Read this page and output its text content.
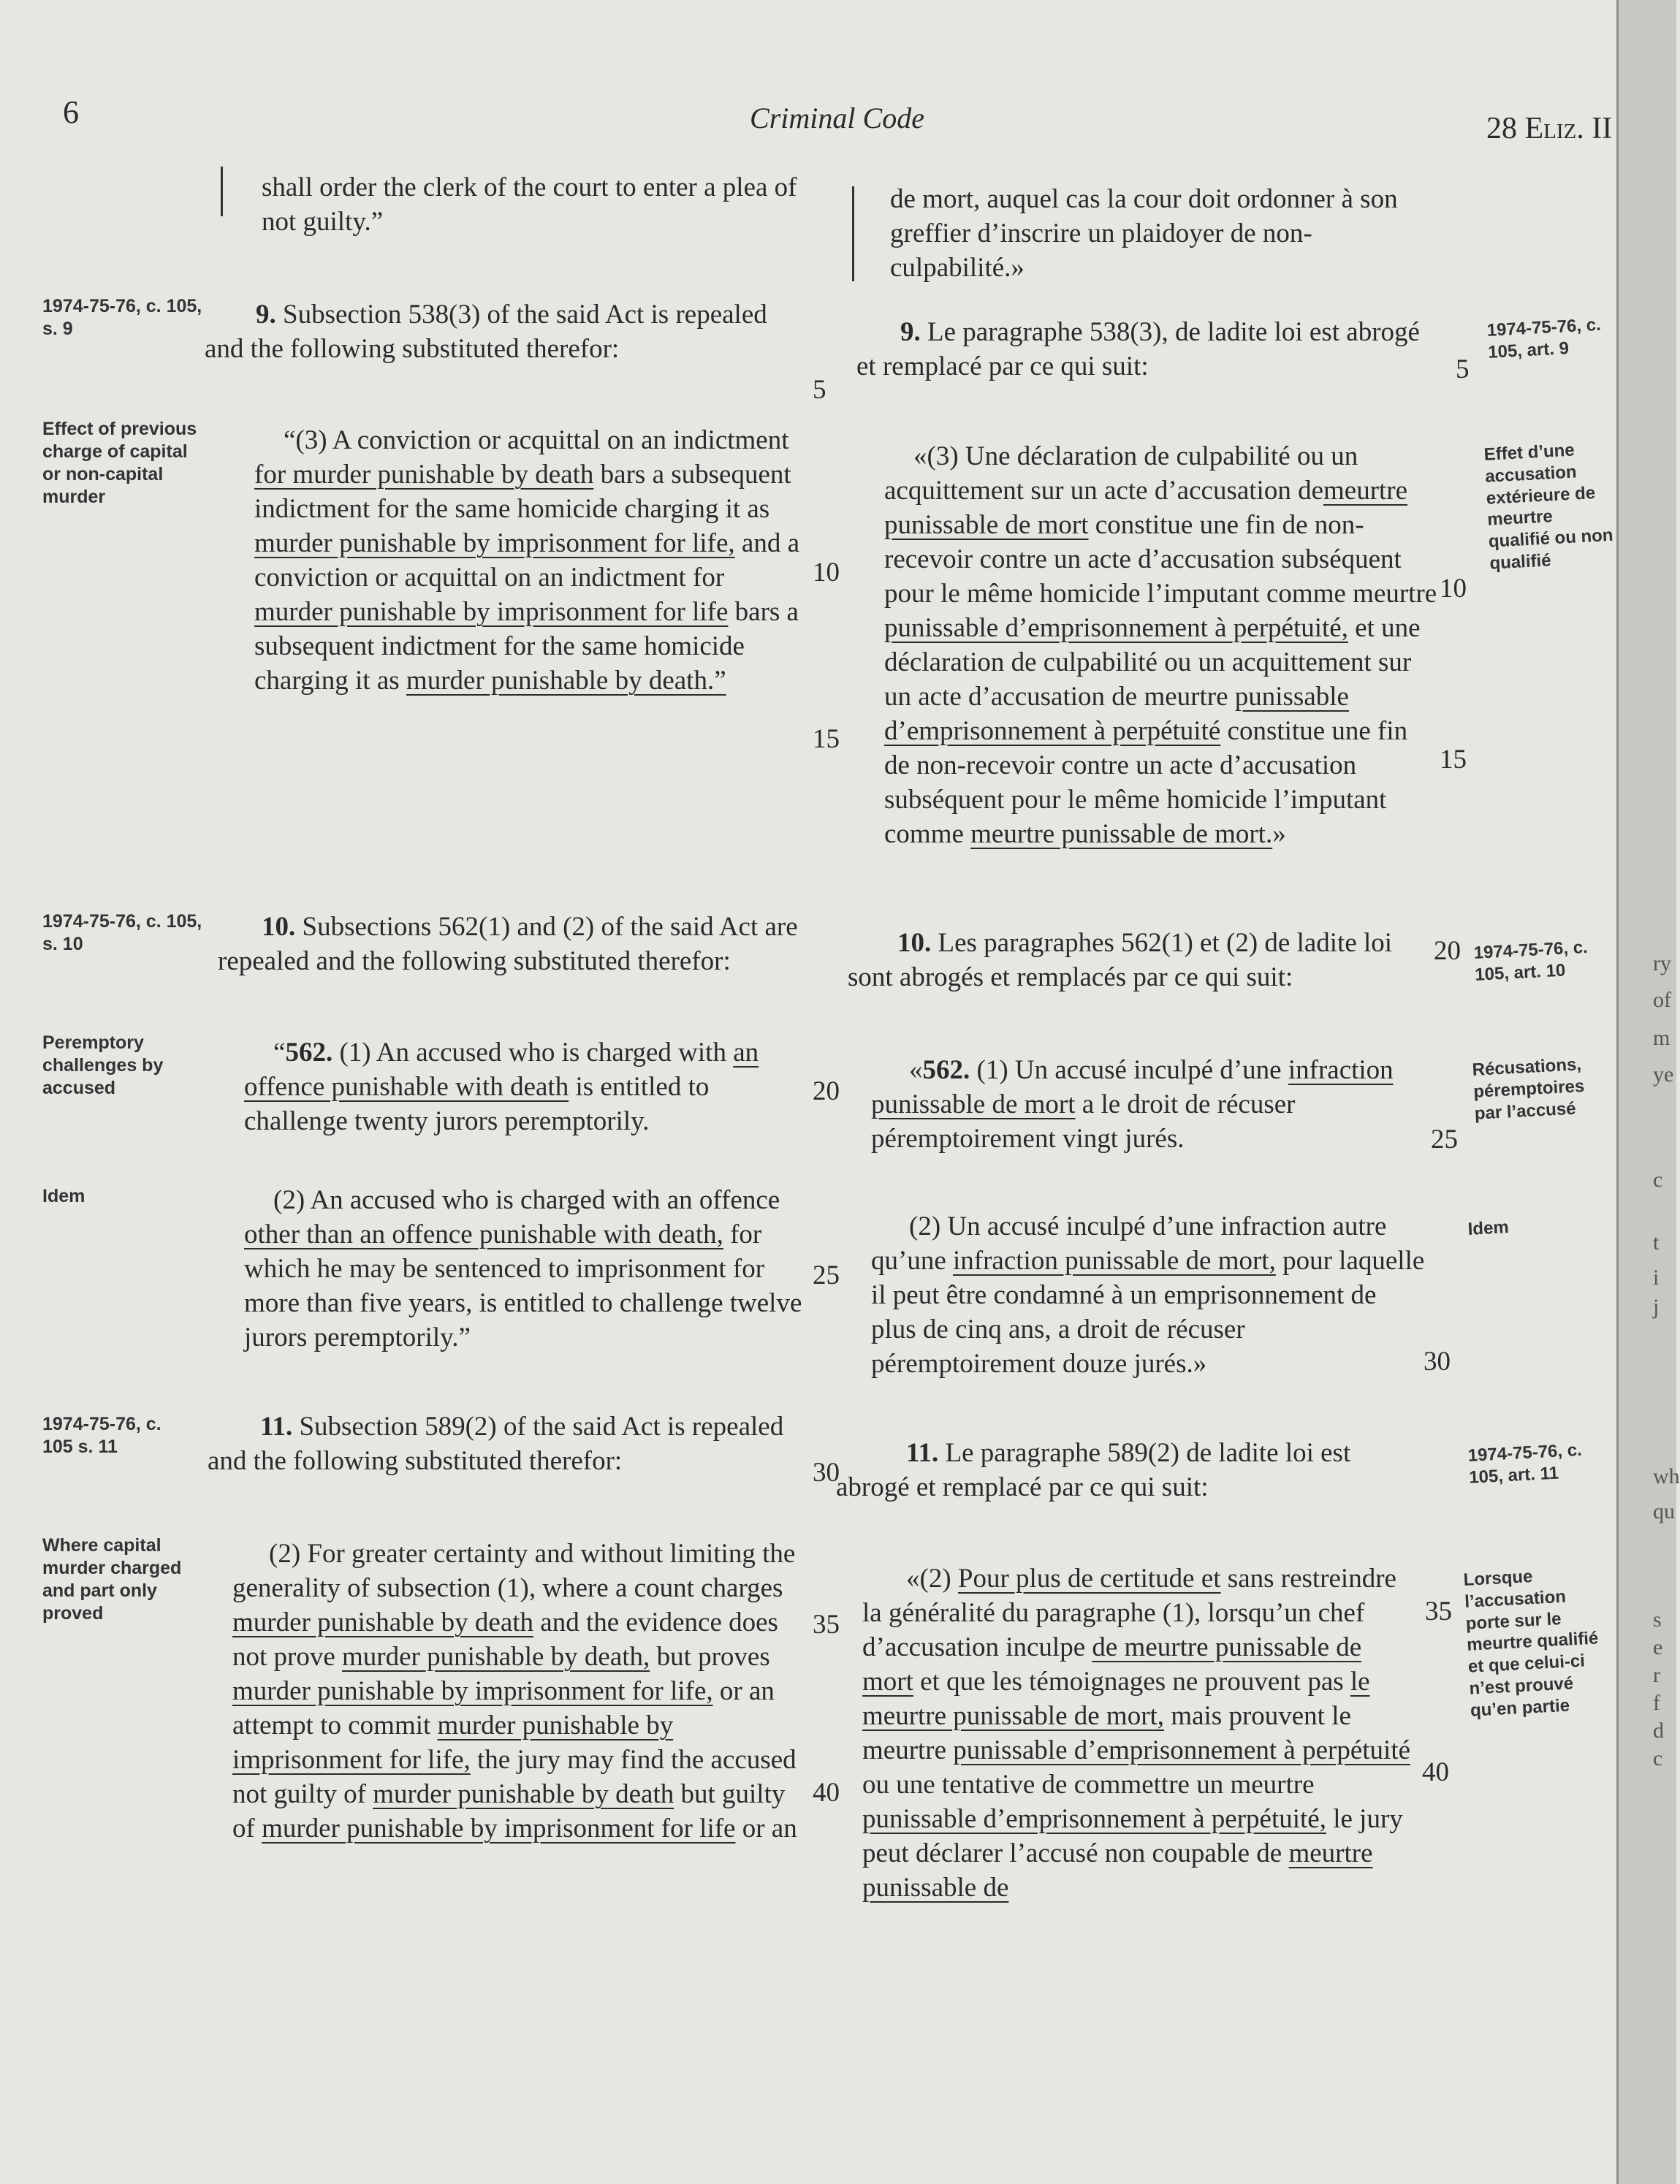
6	Criminal Code	28 Eliz. II

shall order the clerk of the court to enter a plea of not guilty.”

9. Subsection 538(3) of the said Act is repealed and the following substituted therefor:

“(3) A conviction or acquittal on an indictment for murder punishable by death bars a subsequent indictment for the same homicide charging it as murder punishable by imprisonment for life, and a conviction or acquittal on an indictment for murder punishable by imprisonment for life bars a subsequent indictment for the same homicide charging it as murder punishable by death.”

10. Subsections 562(1) and (2) of the said Act are repealed and the following substituted therefor:

“562. (1) An accused who is charged with an offence punishable with death is entitled to challenge twenty jurors peremptorily.

(2) An accused who is charged with an offence other than an offence punishable with death, for which he may be sentenced to imprisonment for more than five years, is entitled to challenge twelve jurors peremptorily.”

11. Subsection 589(2) of the said Act is repealed and the following substituted therefor:

(2) For greater certainty and without limiting the generality of subsection (1), where a count charges murder punishable by death and the evidence does not prove murder punishable by death, but proves murder punishable by imprisonment for life, or an attempt to commit murder punishable by imprisonment for life, the jury may find the accused not guilty of murder punishable by death but guilty of murder punishable by imprisonment for life or an

de mort, auquel cas la cour doit ordonner à son greffier d’inscrire un plaidoyer de non-culpabilité.»

9. Le paragraphe 538(3), de ladite loi est abrogé et remplacé par ce qui suit:

«(3) Une déclaration de culpabilité ou un acquittement sur un acte d’accusation demeurtre punissable de mort constitue une fin de non-recevoir contre un acte d’accusation subséquent pour le même homicide l’imputant comme meurtre punissable d’emprisonnement à perpétuité, et une déclaration de culpabilité ou un acquittement sur un acte d’accusation de meurtre punissable d’emprisonnement à perpétuité constitue une fin de non-recevoir contre un acte d’accusation subséquent pour le même homicide l’imputant comme meurtre punissable de mort.»

10. Les paragraphes 562(1) et (2) de ladite loi sont abrogés et remplacés par ce qui suit:

«562. (1) Un accusé inculpé d’une infraction punissable de mort a le droit de récuser péremptoirement vingt jurés.

(2) Un accusé inculpé d’une infraction autre qu’une infraction punissable de mort, pour laquelle il peut être condamné à un emprisonnement de plus de cinq ans, a droit de récuser péremptoirement douze jurés.»

11. Le paragraphe 589(2) de ladite loi est abrogé et remplacé par ce qui suit:

«(2) Pour plus de certitude et sans restreindre la généralité du paragraphe (1), lorsqu’un chef d’accusation inculpe de meurtre punissable de mort et que les témoignages ne prouvent pas le meurtre punissable de mort, mais prouvent le meurtre punissable d’emprisonnement à perpétuité ou une tentative de commettre un meurtre punissable d’emprisonnement à perpétuité, le jury peut déclarer l’accusé non coupable de meurtre punissable de

5
10
15
20
25
30
35
40
5
10
15
20
25
30
35
40
1974-75-76, c. 105, s. 9
Effect of previous charge of capital or non-capital murder
1974-75-76, c. 105, s. 10
Peremptory challenges by accused
Idem
1974-75-76, c. 105 s. 11
Where capital murder charged and part only proved
1974-75-76, c. 105, art. 9
Effet d’une accusation extérieure de meurtre qualifié ou non qualifié
1974-75-76, c. 105, art. 10
Récusations, péremptoires par l’accusé
Idem
1974-75-76, c. 105, art. 11
Lorsque l’accusation porte sur le meurtre qualifié et que celui-ci n’est prouvé qu’en partie
ry
of
m
ye
c
t
i
j
wh
qu
s
e
r
f
d
c
